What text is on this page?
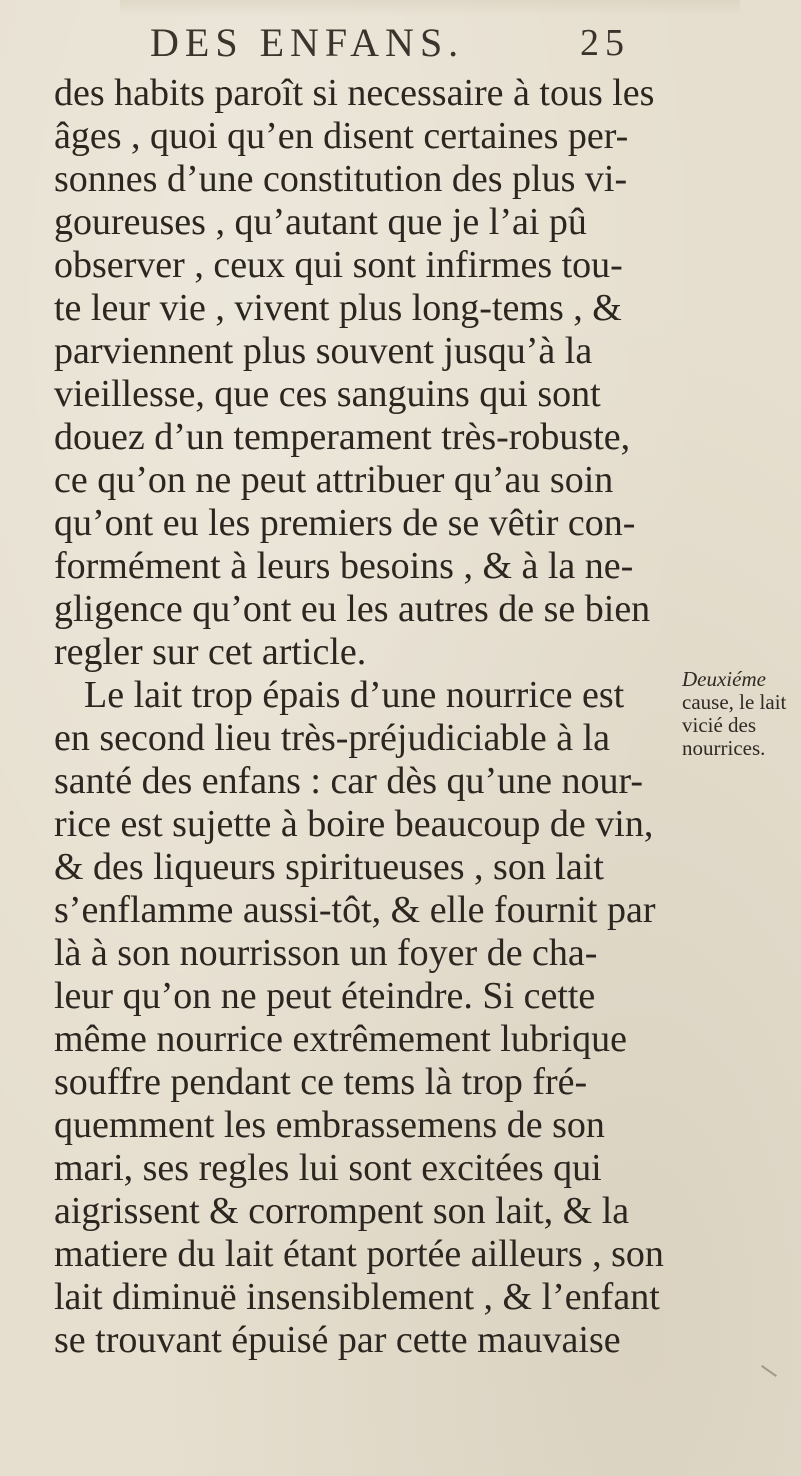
DES ENFANS.	25
des habits paroît si necessaire à tous les
âges , quoi qu’en disent certaines per-
sonnes d’une constitution des plus vi-
goureuses , qu’autant que je l’ai pû
observer , ceux qui sont infirmes tou-
te leur vie , vivent plus long-tems , &
parviennent plus souvent jusqu’à la
vieillesse, que ces sanguins qui sont
douez d’un temperament très-robuste,
ce qu’on ne peut attribuer qu’au soin
qu’ont eu les premiers de se vêtir con-
formément à leurs besoins , & à la ne-
gligence qu’ont eu les autres de se bien
regler sur cet article.
Le lait trop épais d’une nourrice est
en second lieu très-préjudiciable à la
santé des enfans : car dès qu’une nour-
rice est sujette à boire beaucoup de vin,
& des liqueurs spiritueuses , son lait
s’enflamme aussi-tôt, & elle fournit par
là à son nourrisson un foyer de cha-
leur qu’on ne peut éteindre. Si cette
même nourrice extrêmement lubrique
souffre pendant ce tems là trop fré-
quemment les embrassemens de son
mari, ses regles lui sont excitées qui
aigrissent & corrompent son lait, & la
matiere du lait étant portée ailleurs , son
lait diminuë insensiblement , & l’enfant
se trouvant épuisé par cette mauvaise
Deuxiéme
cause, le lait
vicié des
nourrices.
